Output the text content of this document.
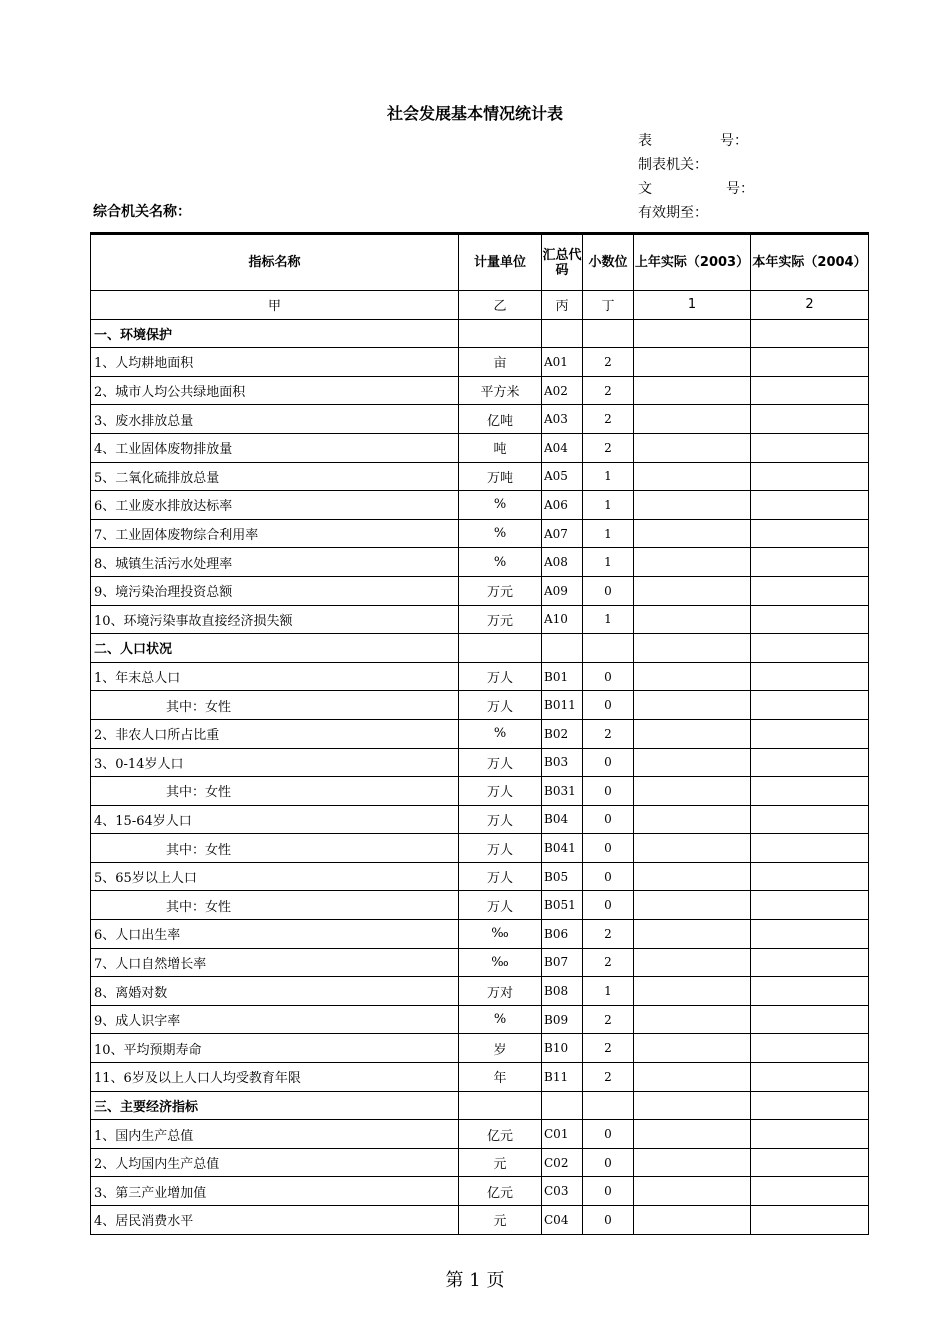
社会发展基本情况统计表
表	号：
制表机关：
文	号：
有效期至：
综合机关名称：
指标名称	计量单位	汇总代码	小数位	上年实际（2003）	本年实际（2004）
甲	乙	丙	丁	1	2
一、环境保护					
1、人均耕地面积	亩	A01	2		
2、城市人均公共绿地面积	平方米	A02	2		
3、废水排放总量	亿吨	A03	2		
4、工业固体废物排放量	吨	A04	2		
5、二氧化硫排放总量	万吨	A05	1		
6、工业废水排放达标率	%	A06	1		
7、工业固体废物综合利用率	%	A07	1		
8、城镇生活污水处理率	%	A08	1		
9、境污染治理投资总额	万元	A09	0		
10、环境污染事故直接经济损失额	万元	A10	1		
二、人口状况					
1、年末总人口	万人	B01	0		
其中：女性	万人	B011	0		
2、非农人口所占比重	%	B02	2		
3、0-14岁人口	万人	B03	0		
其中：女性	万人	B031	0		
4、15-64岁人口	万人	B04	0		
其中：女性	万人	B041	0		
5、65岁以上人口	万人	B05	0		
其中：女性	万人	B051	0		
6、人口出生率	‰	B06	2		
7、人口自然增长率	‰	B07	2		
8、离婚对数	万对	B08	1		
9、成人识字率	%	B09	2		
10、平均预期寿命	岁	B10	2		
11、6岁及以上人口人均受教育年限	年	B11	2		
三、主要经济指标					
1、国内生产总值	亿元	C01	0		
2、人均国内生产总值	元	C02	0		
3、第三产业增加值	亿元	C03	0		
4、居民消费水平	元	C04	0		
第 1 页
